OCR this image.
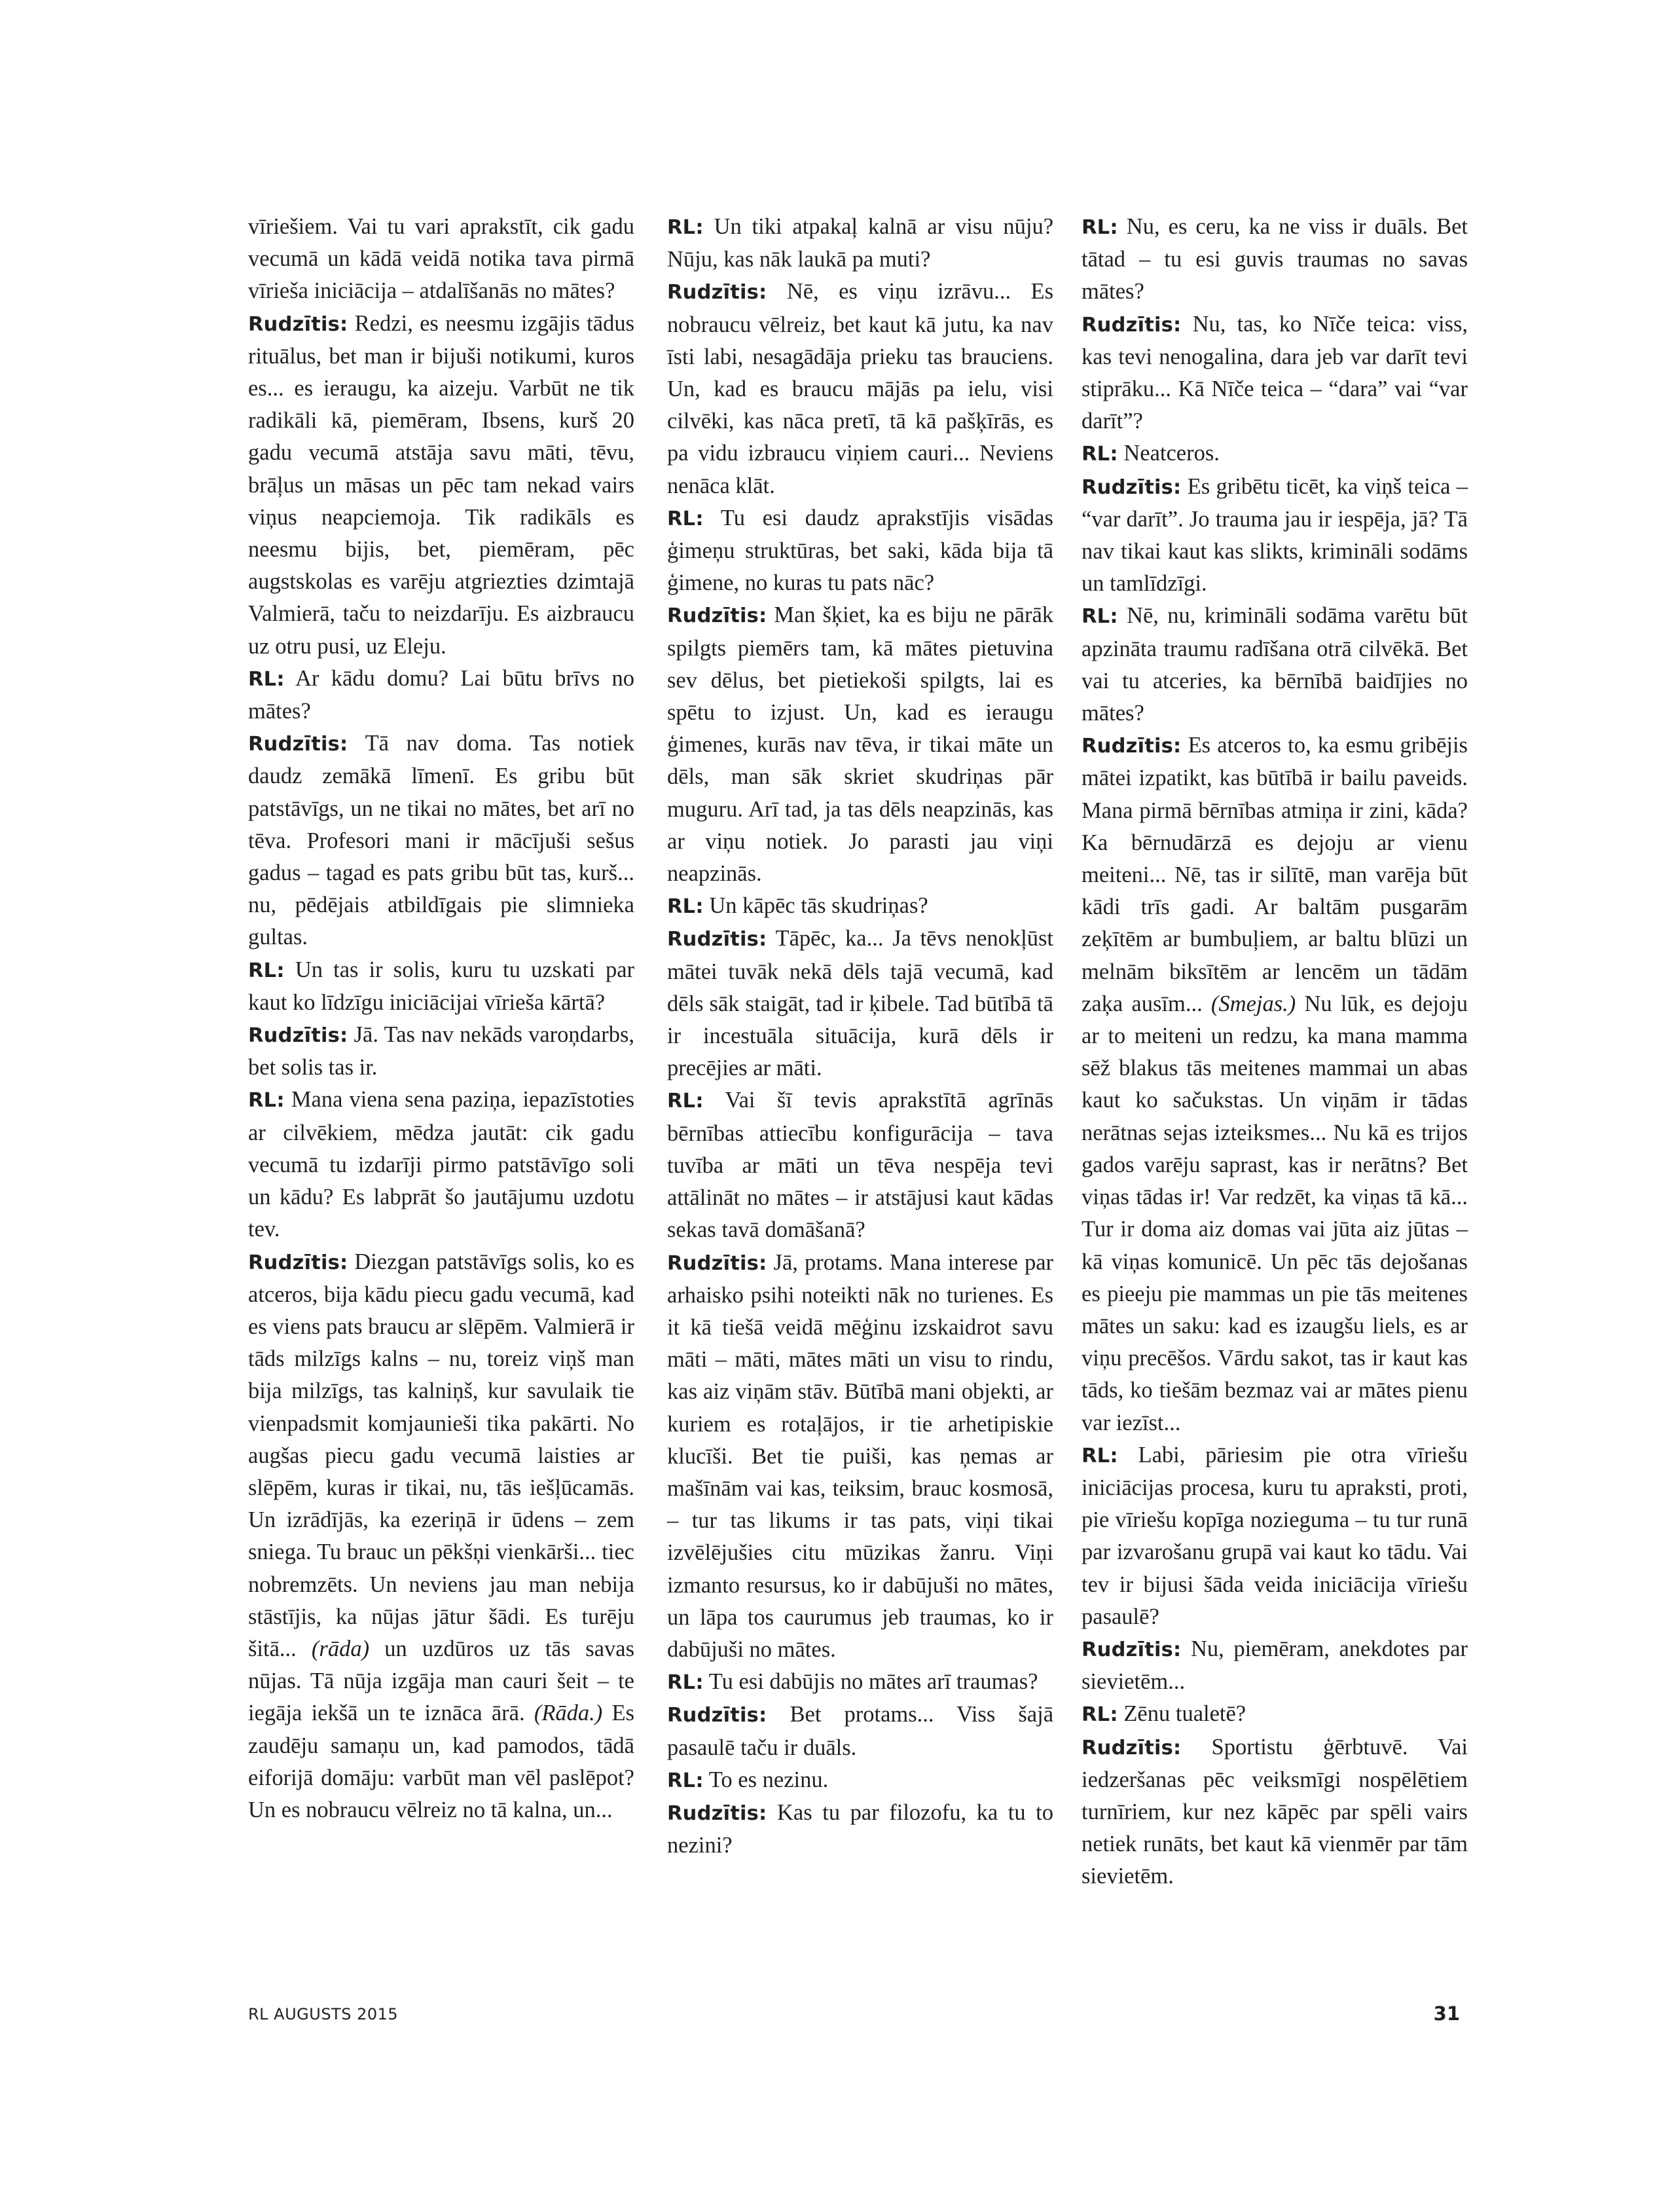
vīriešiem. Vai tu vari aprakstīt, cik gadu vecumā un kādā veidā notika tava pirmā vīrieša iniciācija – atdalīšanās no mātes?

Rudzītis: Redzi, es neesmu izgājis tādus rituālus, bet man ir bijuši notikumi, kuros es... es ieraugu, ka aizeju. Varbūt ne tik radikāli kā, piemēram, Ibsens, kurš 20 gadu vecumā atstāja savu māti, tēvu, brāļus un māsas un pēc tam nekad vairs viņus neapciemoja. Tik radikāls es neesmu bijis, bet, piemēram, pēc augstskolas es varēju atgriezties dzimtajā Valmierā, taču to neizdarīju. Es aizbraucu uz otru pusi, uz Eleju.

RL: Ar kādu domu? Lai būtu brīvs no mātes?

Rudzītis: Tā nav doma. Tas notiek daudz zemākā līmenī. Es gribu būt patstāvīgs, un ne tikai no mātes, bet arī no tēva. Profesori mani ir mācījuši sešus gadus – tagad es pats gribu būt tas, kurš... nu, pēdējais atbildīgais pie slimnieka gultas.

RL: Un tas ir solis, kuru tu uzskati par kaut ko līdzīgu iniciācijai vīrieša kārtā?

Rudzītis: Jā. Tas nav nekāds varoņdarbs, bet solis tas ir.

RL: Mana viena sena paziņa, iepazīstoties ar cilvēkiem, mēdza jautāt: cik gadu vecumā tu izdarīji pirmo patstāvīgo soli un kādu? Es labprāt šo jautājumu uzdotu tev.

Rudzītis: Diezgan patstāvīgs solis, ko es atceros, bija kādu piecu gadu vecumā, kad es viens pats braucu ar slēpēm. Valmierā ir tāds milzīgs kalns – nu, toreiz viņš man bija milzīgs, tas kalniņš, kur savulaik tie vienpadsmit komjaunieši tika pakārti. No augšas piecu gadu vecumā laisties ar slēpēm, kuras ir tikai, nu, tās iešļūcamās. Un izrādījās, ka ezeriņā ir ūdens – zem sniega. Tu brauc un pēkšņi vienkārši... tiec nobremzēts. Un neviens jau man nebija stāstījis, ka nūjas jātur šādi. Es turēju šitā... (rāda) un uzdūros uz tās savas nūjas. Tā nūja izgāja man cauri šeit – te iegāja iekšā un te iznāca ārā. (Rāda.) Es zaudēju samaņu un, kad pamodos, tādā eiforijā domāju: varbūt man vēl paslēpot? Un es nobraucu vēlreiz no tā kalna, un...

RL: Un tiki atpakaļ kalnā ar visu nūju? Nūju, kas nāk laukā pa muti?

Rudzītis: Nē, es viņu izrāvu... Es nobraucu vēlreiz, bet kaut kā jutu, ka nav īsti labi, nesagādāja prieku tas brauciens. Un, kad es braucu mājās pa ielu, visi cilvēki, kas nāca pretī, tā kā pašķīrās, es pa vidu izbraucu viņiem cauri... Neviens nenāca klāt.

RL: Tu esi daudz aprakstījis visādas ģimeņu struktūras, bet saki, kāda bija tā ģimene, no kuras tu pats nāc?

Rudzītis: Man šķiet, ka es biju ne pārāk spilgts piemērs tam, kā mātes pietuvina sev dēlus, bet pietiekoši spilgts, lai es spētu to izjust. Un, kad es ieraugu ģimenes, kurās nav tēva, ir tikai māte un dēls, man sāk skriet skudriņas pār muguru. Arī tad, ja tas dēls neapzinās, kas ar viņu notiek. Jo parasti jau viņi neapzinās.

RL: Un kāpēc tās skudriņas?

Rudzītis: Tāpēc, ka... Ja tēvs nenokļūst mātei tuvāk nekā dēls tajā vecumā, kad dēls sāk staigāt, tad ir ķibele. Tad būtībā tā ir incestuāla situācija, kurā dēls ir precējies ar māti.

RL: Vai šī tevis aprakstītā agrīnās bērnības attiecību konfigurācija – tava tuvība ar māti un tēva nespēja tevi attālināt no mātes – ir atstājusi kaut kādas sekas tavā domāšanā?

Rudzītis: Jā, protams. Mana interese par arhaisko psihi noteikti nāk no turienes. Es it kā tiešā veidā mēģinu izskaidrot savu māti – māti, mātes māti un visu to rindu, kas aiz viņām stāv. Būtībā mani objekti, ar kuriem es rotaļājos, ir tie arhetipiskie klucīši. Bet tie puiši, kas ņemas ar mašīnām vai kas, teiksim, brauc kosmosā, – tur tas likums ir tas pats, viņi tikai izvēlējušies citu mūzikas žanru. Viņi izmanto resursus, ko ir dabūjuši no mātes, un lāpa tos caurumus jeb traumas, ko ir dabūjuši no mātes.

RL: Tu esi dabūjis no mātes arī traumas?

Rudzītis: Bet protams... Viss šajā pasaulē taču ir duāls.

RL: To es nezinu.

Rudzītis: Kas tu par filozofu, ka tu to nezini?

RL: Nu, es ceru, ka ne viss ir duāls. Bet tātad – tu esi guvis traumas no savas mātes?

Rudzītis: Nu, tas, ko Nīče teica: viss, kas tevi nenogalina, dara jeb var darīt tevi stiprāku... Kā Nīče teica – “dara” vai “var darīt”?

RL: Neatceros.

Rudzītis: Es gribētu ticēt, ka viņš teica – “var darīt”. Jo trauma jau ir iespēja, jā? Tā nav tikai kaut kas slikts, krimināli sodāms un tamlīdzīgi.

RL: Nē, nu, krimināli sodāma varētu būt apzināta traumu radīšana otrā cilvēkā. Bet vai tu atceries, ka bērnībā baidījies no mātes?

Rudzītis: Es atceros to, ka esmu gribējis mātei izpatikt, kas būtībā ir bailu paveids. Mana pirmā bērnības atmiņa ir zini, kāda? Ka bērnudārzā es dejoju ar vienu meiteni... Nē, tas ir silītē, man varēja būt kādi trīs gadi. Ar baltām pusgarām zeķītēm ar bumbuļiem, ar baltu blūzi un melnām biksītēm ar lencēm un tādām zaķa ausīm... (Smejas.) Nu lūk, es dejoju ar to meiteni un redzu, ka mana mamma sēž blakus tās meitenes mammai un abas kaut ko sačukstas. Un viņām ir tādas nerātnas sejas izteiksmes... Nu kā es trijos gados varēju saprast, kas ir nerātns? Bet viņas tādas ir! Var redzēt, ka viņas tā kā... Tur ir doma aiz domas vai jūta aiz jūtas – kā viņas komunicē. Un pēc tās dejošanas es pieeju pie mammas un pie tās meitenes mātes un saku: kad es izaugšu liels, es ar viņu precēšos. Vārdu sakot, tas ir kaut kas tāds, ko tiešām bezmaz vai ar mātes pienu var iezīst...

RL: Labi, pāriesim pie otra vīriešu iniciācijas procesa, kuru tu apraksti, proti, pie vīriešu kopīga nozieguma – tu tur runā par izvarošanu grupā vai kaut ko tādu. Vai tev ir bijusi šāda veida iniciācija vīriešu pasaulē?

Rudzītis: Nu, piemēram, anekdotes par sievietēm...

RL: Zēnu tualetē?

Rudzītis: Sportistu ģērbtuvē. Vai iedzeršanas pēc veiksmīgi nospēlētiem turnīriem, kur nez kāpēc par spēli vairs netiek runāts, bet kaut kā vienmēr par tām sievietēm.

RL AUGUSTS 2015	31
